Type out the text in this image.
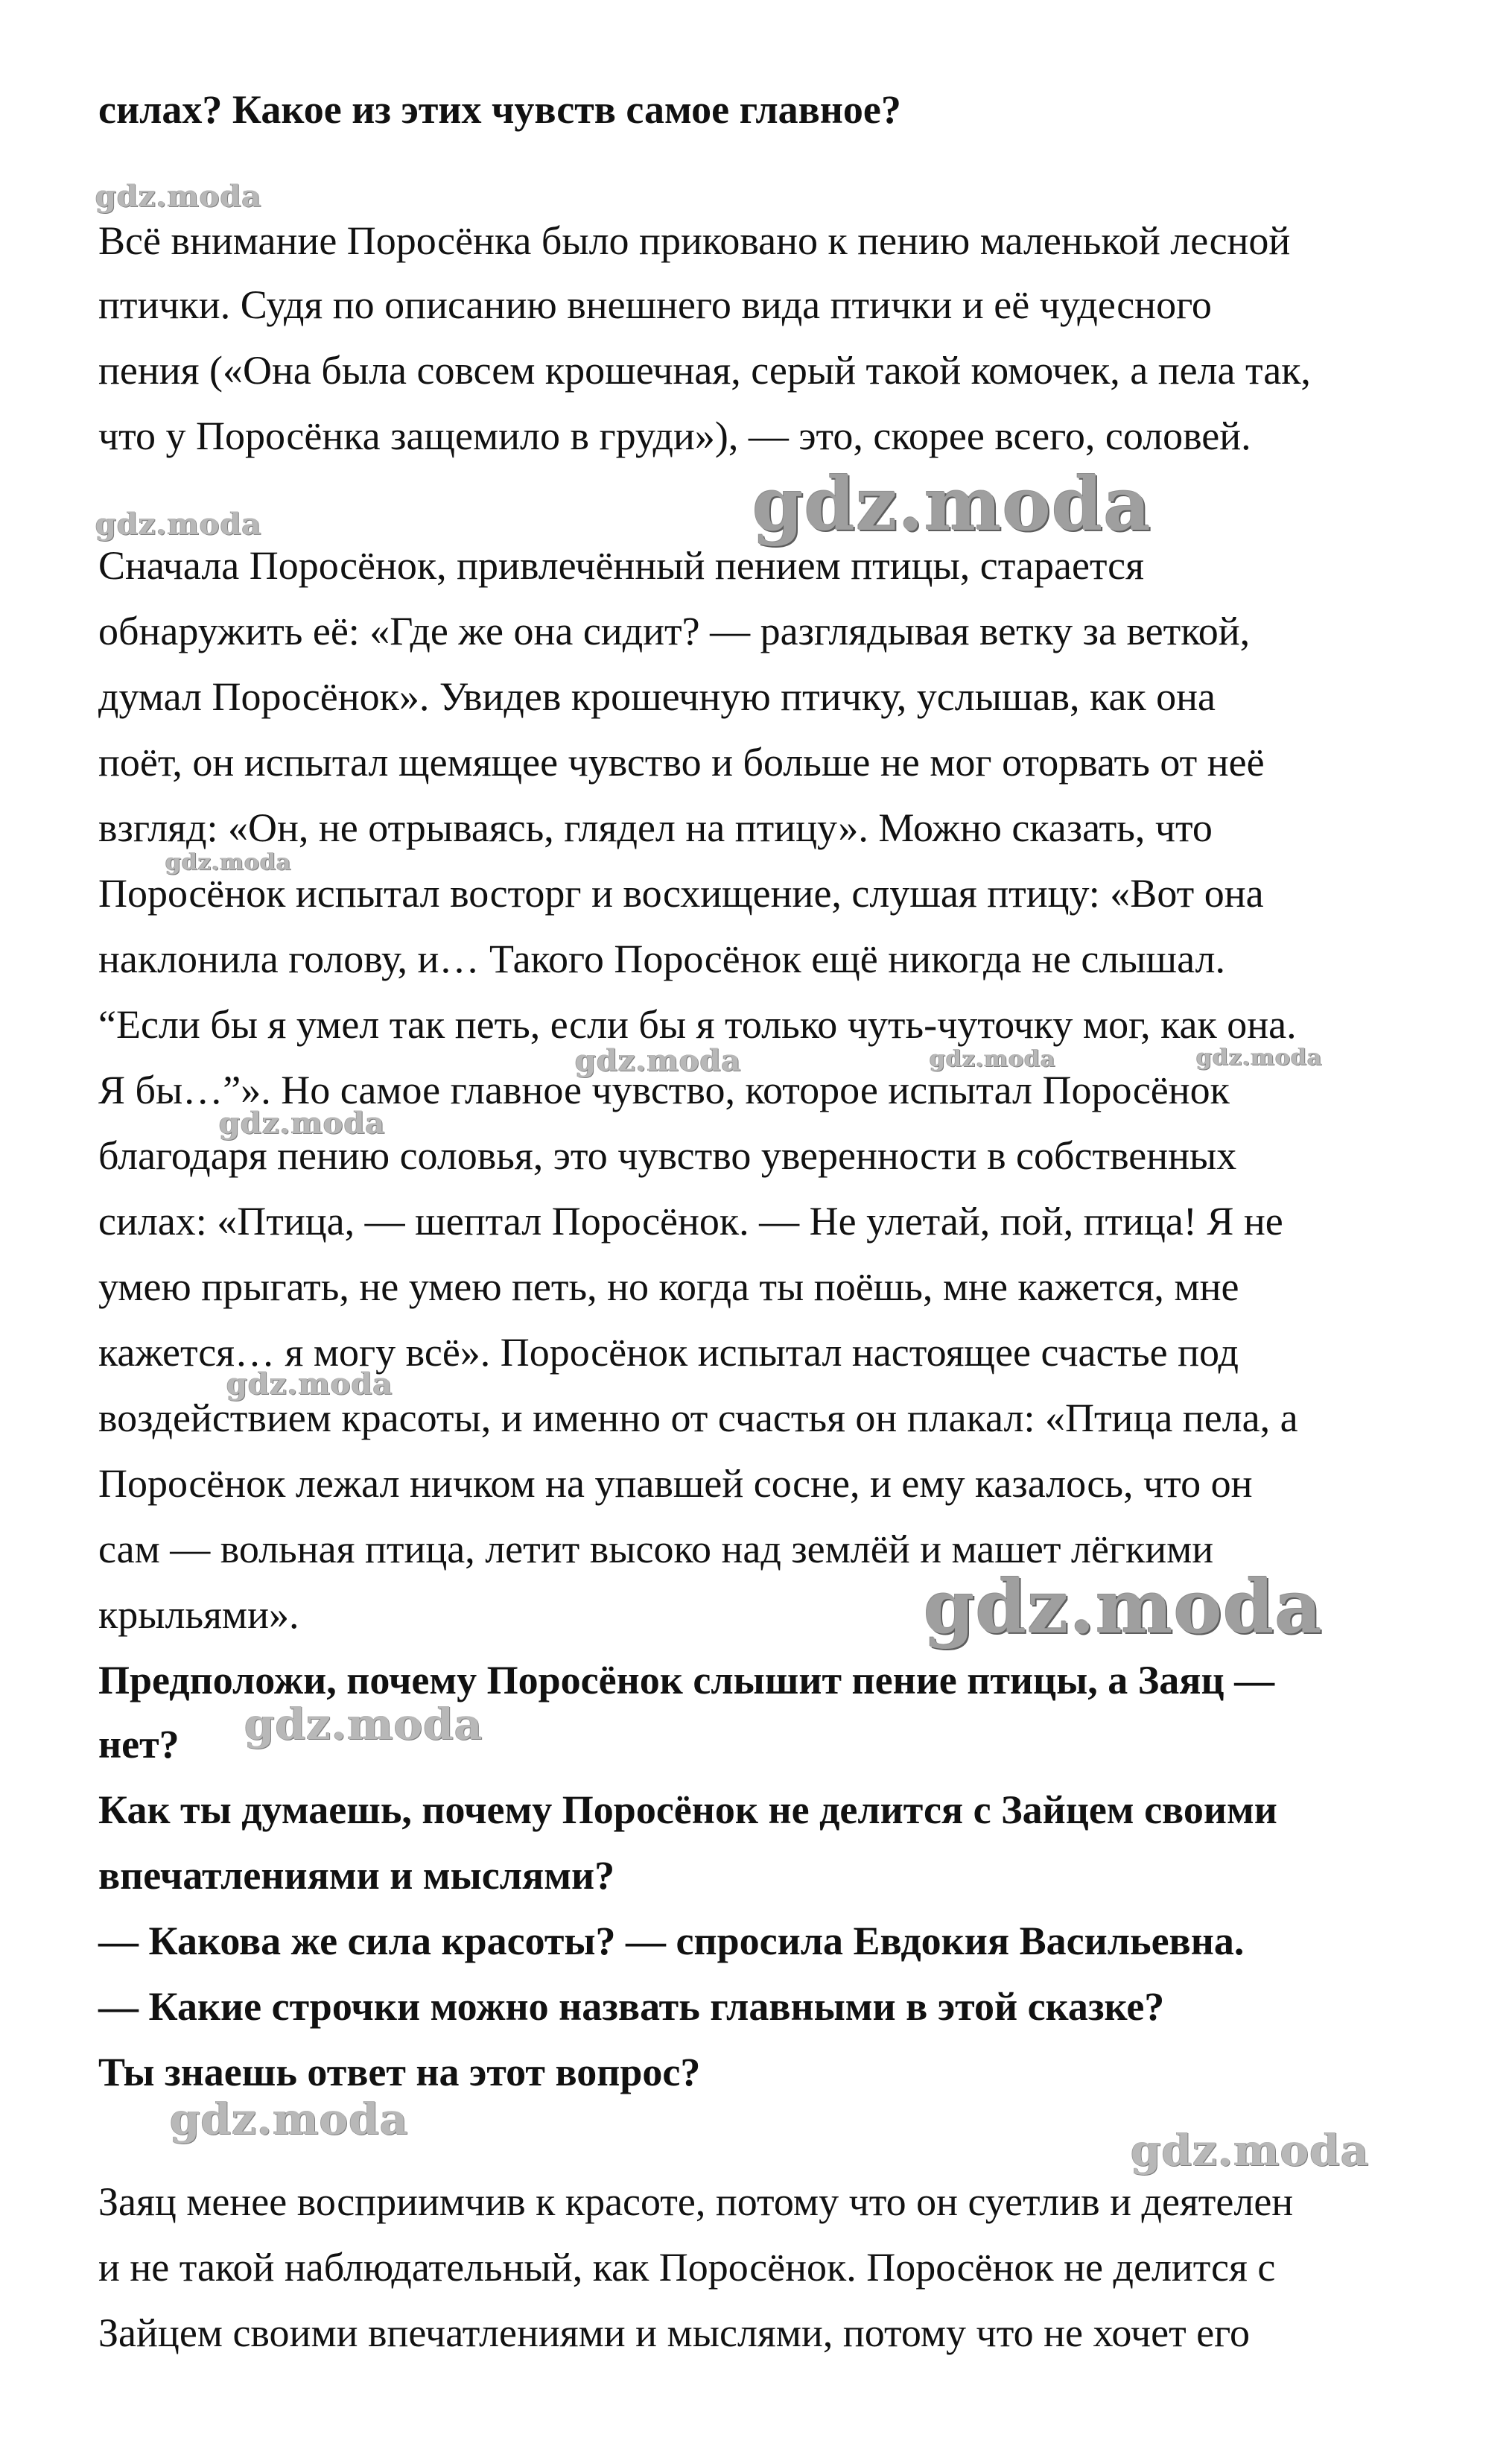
силах? Какое из этих чувств самое главное?
Всё внимание Поросёнка было приковано к пению маленькой лесной
птички. Судя по описанию внешнего вида птички и её чудесного
пения («Она была совсем крошечная, серый такой комочек, а пела так,
что у Поросёнка защемило в груди»), — это, скорее всего, соловей.
Сначала Поросёнок, привлечённый пением птицы, старается
обнаружить её: «Где же она сидит? — разглядывая ветку за веткой,
думал Поросёнок». Увидев крошечную птичку, услышав, как она
поёт, он испытал щемящее чувство и больше не мог оторвать от неё
взгляд: «Он, не отрываясь, глядел на птицу». Можно сказать, что
Поросёнок испытал восторг и восхищение, слушая птицу: «Вот она
наклонила голову, и… Такого Поросёнок ещё никогда не слышал.
“Если бы я умел так петь, если бы я только чуть-чуточку мог, как она.
Я бы…”». Но самое главное чувство, которое испытал Поросёнок
благодаря пению соловья, это чувство уверенности в собственных
силах: «Птица, — шептал Поросёнок. — Не улетай, пой, птица! Я не
умею прыгать, не умею петь, но когда ты поёшь, мне кажется, мне
кажется… я могу всё». Поросёнок испытал настоящее счастье под
воздействием красоты, и именно от счастья он плакал: «Птица пела, а
Поросёнок лежал ничком на упавшей сосне, и ему казалось, что он
сам — вольная птица, летит высоко над землёй и машет лёгкими
крыльями».
Предположи, почему Поросёнок слышит пение птицы, а Заяц —
нет?
Как ты думаешь, почему Поросёнок не делится с Зайцем своими
впечатлениями и мыслями?
— Какова же сила красоты? — спросила Евдокия Васильевна.
— Какие строчки можно назвать главными в этой сказке?
Ты знаешь ответ на этот вопрос?
Заяц менее восприимчив к красоте, потому что он суетлив и деятелен
и не такой наблюдательный, как Поросёнок. Поросёнок не делится с
Зайцем своими впечатлениями и мыслями, потому что не хочет его
gdz.moda
gdz.moda	gdz.moda
gdz.moda
gdz.moda	gdz.moda	gdz.moda
gdz.moda
gdz.moda
gdz.moda
gdz.moda
gdz.moda
gdz.moda
